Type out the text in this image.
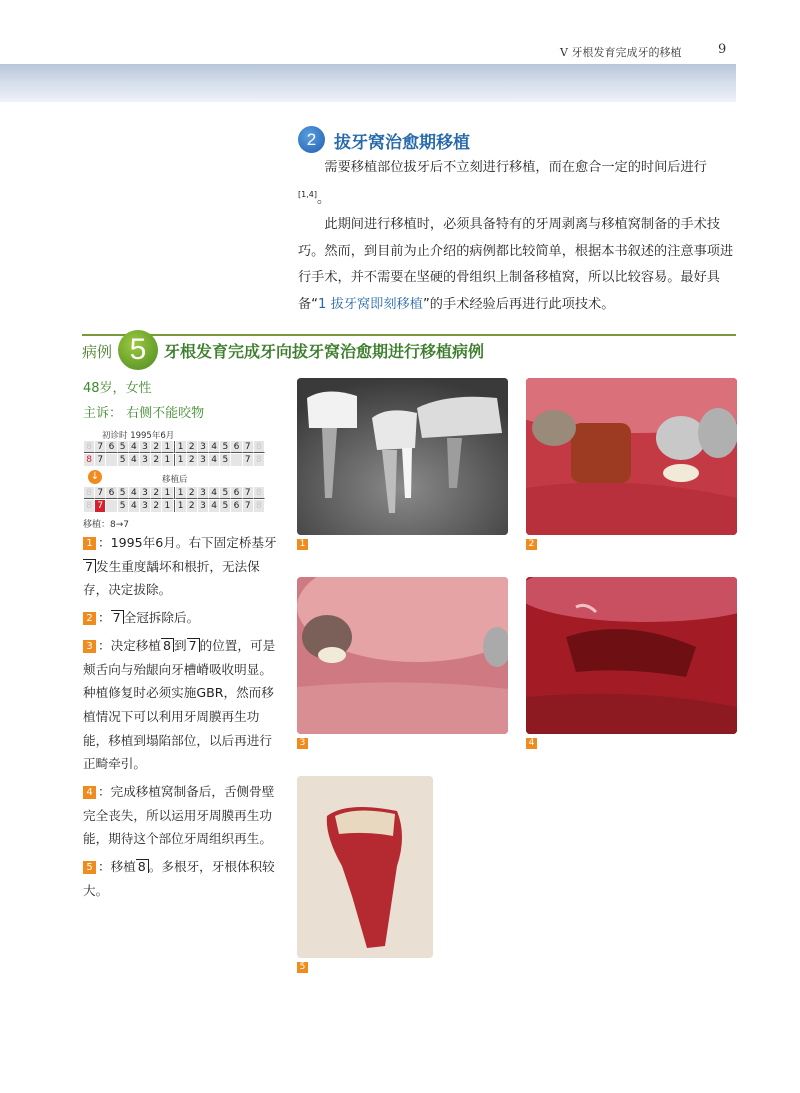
V 牙根发育完成牙的移植	9
2	拔牙窝治愈期移植

需要移植部位拔牙后不立刻进行移植，而在愈合一定的时间后进行[1,4]。

此期间进行移植时，必须具备特有的牙周剥离与移植窝制备的手术技巧。然而，到目前为止介绍的病例都比较简单，根据本书叙述的注意事项进行手术，并不需要在坚硬的骨组织上制备移植窝，所以比较容易。最好具备“1 拔牙窝即刻移植”的手术经验后再进行此项技术。

病例 5	牙根发育完成牙向拔牙窝治愈期进行移植病例
48岁，女性
主诉： 右侧不能咬物
初诊时 1995年6月
8 7 6 5 4 3 2 1 1 2 3 4 5 6 7 8
8 7	5 4 3 2 1 1 2 3 4 5	7 8
↓	移植后
8 7 6 5 4 3 2 1 1 2 3 4 5 6 7 8
8 7	5 4 3 2 1 1 2 3 4 5 6 7 8
移植：8→7

1 ：1995年6月。右下固定桥基牙7 发生重度龋坏和根折，无法保存，决定拔除。

2 ： 7 全冠拆除后。

3 ：决定移植 8 到 7 的位置，可是颊舌向与殆龈向牙槽嵴吸收明显。种植修复时必须实施GBR，然而移植情况下可以利用牙周膜再生功能，移植到塌陷部位，以后再进行正畸牵引。

4 ：完成移植窝制备后，舌侧骨壁完全丧失，所以运用牙周膜再生功能，期待这个部位牙周组织再生。

5 ：移植 8 。多根牙，牙根体积较大。

1	2
3	4
5
